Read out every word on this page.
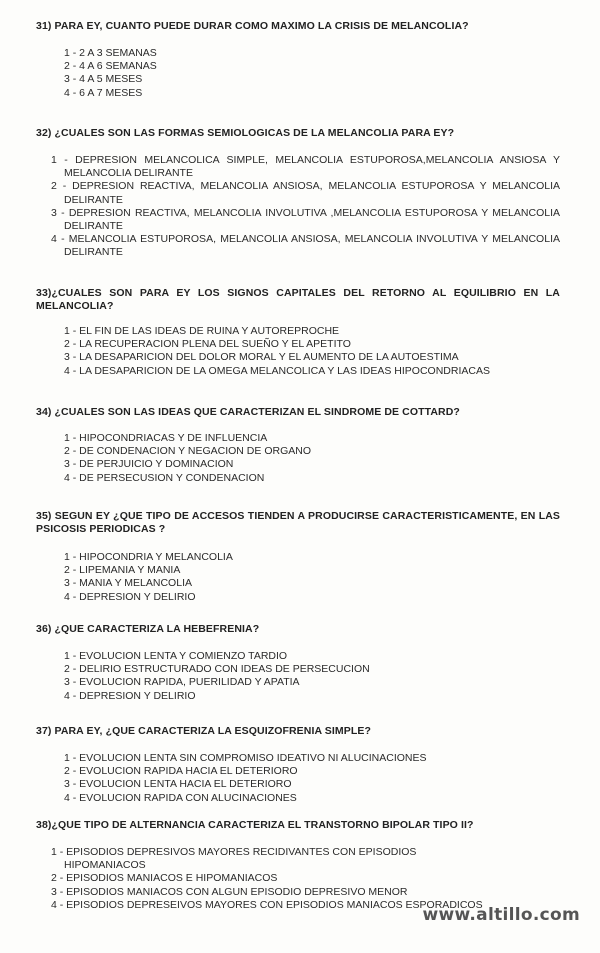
31) PARA EY, CUANTO PUEDE DURAR COMO MAXIMO LA CRISIS DE MELANCOLIA?

1 - 2 A 3 SEMANAS
2 - 4 A 6 SEMANAS
3 - 4 A 5 MESES
4 - 6 A 7 MESES

32) ¿CUALES SON LAS FORMAS SEMIOLOGICAS DE LA MELANCOLIA PARA EY?

1 - DEPRESION MELANCOLICA SIMPLE, MELANCOLIA ESTUPOROSA,MELANCOLIA ANSIOSA Y MELANCOLIA DELIRANTE
2 - DEPRESION REACTIVA, MELANCOLIA ANSIOSA, MELANCOLIA ESTUPOROSA Y MELANCOLIA DELIRANTE
3 - DEPRESION REACTIVA, MELANCOLIA INVOLUTIVA ,MELANCOLIA ESTUPOROSA Y MELANCOLIA DELIRANTE
4 - MELANCOLIA ESTUPOROSA, MELANCOLIA ANSIOSA, MELANCOLIA INVOLUTIVA Y MELANCOLIA DELIRANTE

33)¿CUALES SON PARA EY LOS SIGNOS CAPITALES DEL RETORNO AL EQUILIBRIO EN LA MELANCOLIA?

1 - EL FIN DE LAS IDEAS DE RUINA Y AUTOREPROCHE
2 - LA RECUPERACION PLENA DEL SUEÑO Y EL APETITO
3 - LA DESAPARICION DEL DOLOR MORAL Y EL AUMENTO DE LA AUTOESTIMA
4 - LA DESAPARICION DE LA OMEGA MELANCOLICA Y LAS IDEAS HIPOCONDRIACAS

34) ¿CUALES SON LAS IDEAS QUE CARACTERIZAN EL SINDROME DE COTTARD?

1 - HIPOCONDRIACAS Y DE INFLUENCIA
2 - DE CONDENACION Y NEGACION DE ORGANO
3 - DE PERJUICIO Y DOMINACION
4 - DE PERSECUSION Y CONDENACION

35) SEGUN EY ¿QUE TIPO DE ACCESOS TIENDEN A PRODUCIRSE CARACTERISTICAMENTE, EN LAS PSICOSIS PERIODICAS ?

1 - HIPOCONDRIA Y MELANCOLIA
2 - LIPEMANIA Y MANIA
3 - MANIA Y MELANCOLIA
4 - DEPRESION Y DELIRIO

36) ¿QUE CARACTERIZA LA HEBEFRENIA?

1 - EVOLUCION LENTA Y COMIENZO TARDIO
2 - DELIRIO ESTRUCTURADO CON IDEAS DE PERSECUCION
3 - EVOLUCION RAPIDA, PUERILIDAD Y APATIA
4 - DEPRESION Y DELIRIO

37) PARA EY, ¿QUE CARACTERIZA LA ESQUIZOFRENIA SIMPLE?

1 - EVOLUCION LENTA SIN COMPROMISO IDEATIVO NI ALUCINACIONES
2 - EVOLUCION RAPIDA HACIA EL DETERIORO
3 - EVOLUCION LENTA HACIA EL DETERIORO
4 - EVOLUCION RAPIDA CON ALUCINACIONES

38)¿QUE TIPO DE ALTERNANCIA CARACTERIZA EL TRANSTORNO BIPOLAR TIPO II?

1 - EPISODIOS DEPRESIVOS MAYORES RECIDIVANTES CON EPISODIOS HIPOMANIACOS
2 - EPISODIOS MANIACOS E HIPOMANIACOS
3 - EPISODIOS MANIACOS CON ALGUN EPISODIO DEPRESIVO MENOR
4 - EPISODIOS DEPRESEIVOS MAYORES CON EPISODIOS MANIACOS ESPORADICOS
www.altillo.com
